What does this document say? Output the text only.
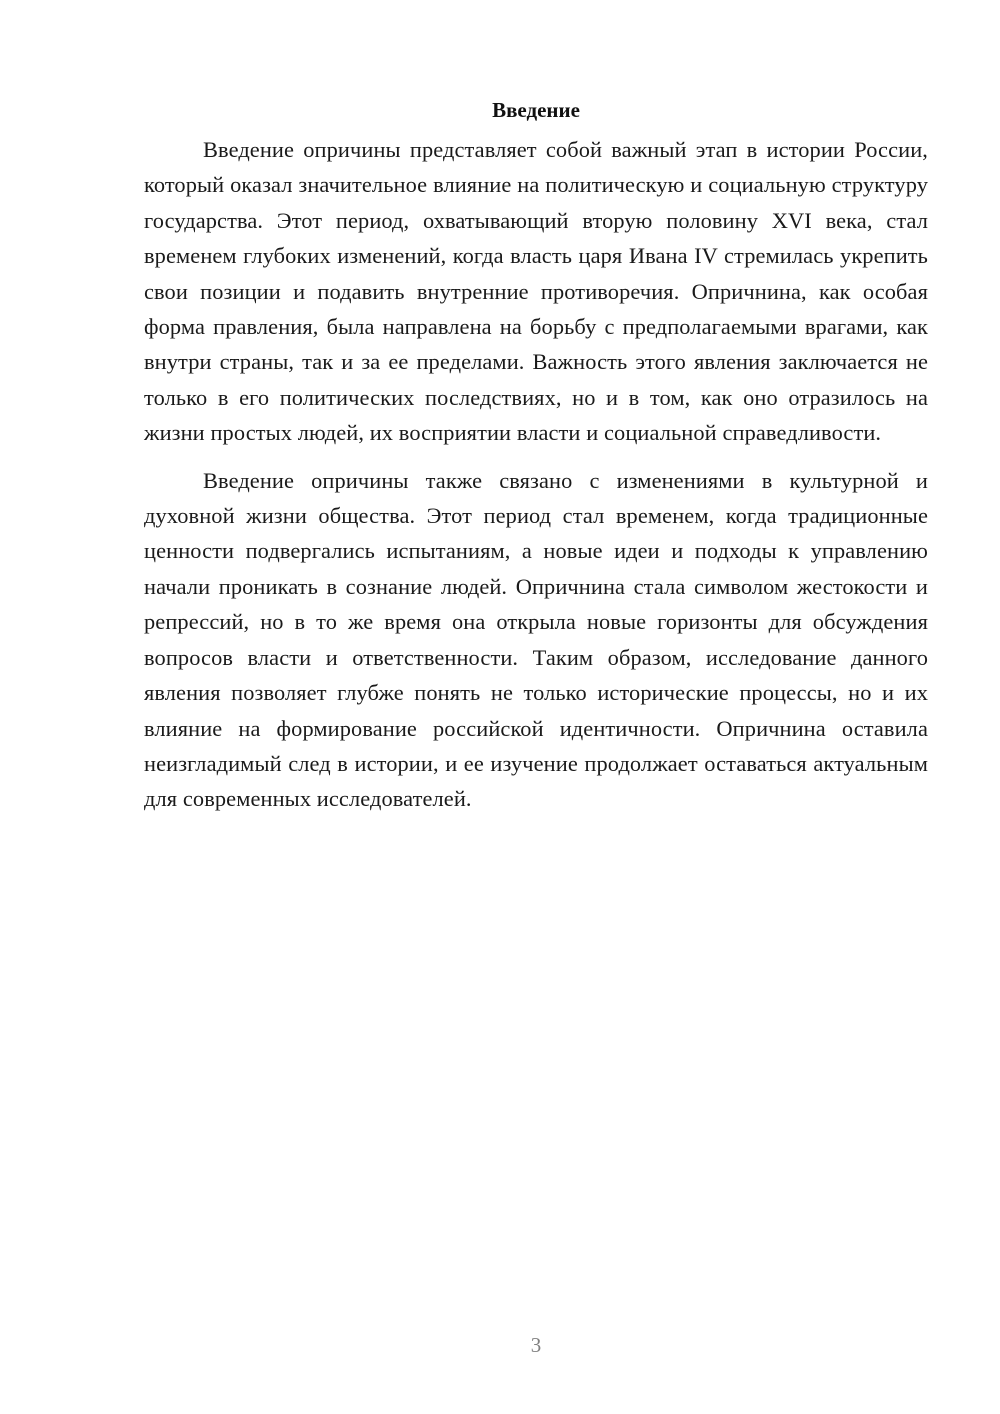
Введение

Введение опричины представляет собой важный этап в истории России, который оказал значительное влияние на политическую и социальную структуру государства. Этот период, охватывающий вторую половину XVI века, стал временем глубоких изменений, когда власть царя Ивана IV стремилась укрепить свои позиции и подавить внутренние противоречия. Опричнина, как особая форма правления, была направлена на борьбу с предполагаемыми врагами, как внутри страны, так и за ее пределами. Важность этого явления заключается не только в его политических последствиях, но и в том, как оно отразилось на жизни простых людей, их восприятии власти и социальной справедливости.

Введение опричины также связано с изменениями в культурной и духовной жизни общества. Этот период стал временем, когда традиционные ценности подвергались испытаниям, а новые идеи и подходы к управлению начали проникать в сознание людей. Опричнина стала символом жестокости и репрессий, но в то же время она открыла новые горизонты для обсуждения вопросов власти и ответственности. Таким образом, исследование данного явления позволяет глубже понять не только исторические процессы, но и их влияние на формирование российской идентичности. Опричнина оставила неизгладимый след в истории, и ее изучение продолжает оставаться актуальным для современных исследователей.

3
